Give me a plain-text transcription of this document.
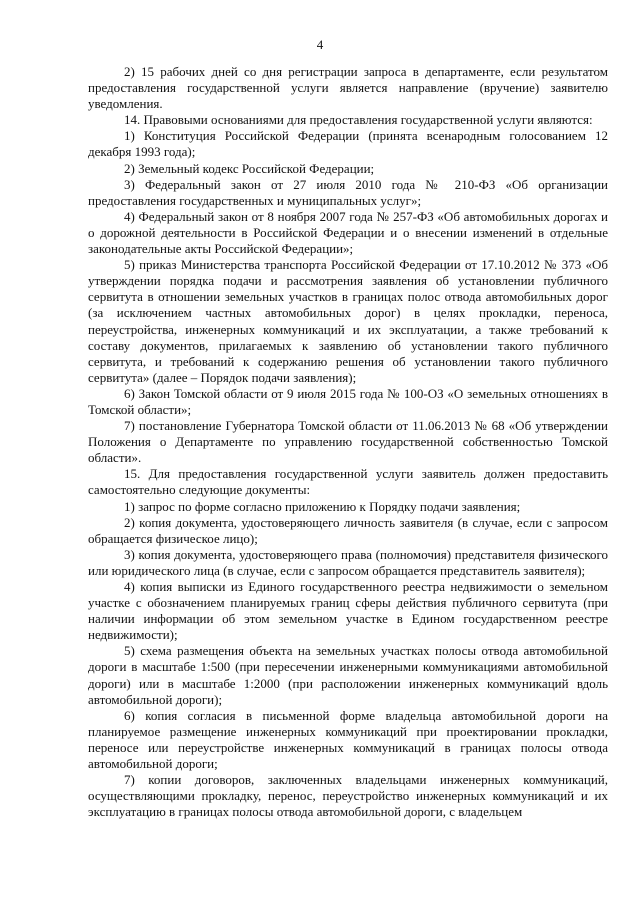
4

2) 15 рабочих дней со дня регистрации запроса в департаменте, если результатом предоставления государственной услуги является направление (вручение) заявителю уведомления.

14. Правовыми основаниями для предоставления государственной услуги являются:

1) Конституция Российской Федерации (принята всенародным голосованием 12 декабря 1993 года);

2) Земельный кодекс Российской Федерации;

3) Федеральный закон от 27 июля 2010 года № 210-ФЗ «Об организации предоставления государственных и муниципальных услуг»;

4) Федеральный закон от 8 ноября 2007 года № 257-ФЗ «Об автомобильных дорогах и о дорожной деятельности в Российской Федерации и о внесении изменений в отдельные законодательные акты Российской Федерации»;

5) приказ Министерства транспорта Российской Федерации от 17.10.2012 № 373 «Об утверждении порядка подачи и рассмотрения заявления об установлении публичного сервитута в отношении земельных участков в границах полос отвода автомобильных дорог (за исключением частных автомобильных дорог) в целях прокладки, переноса, переустройства, инженерных коммуникаций и их эксплуатации, а также требований к составу документов, прилагаемых к заявлению об установлении такого публичного сервитута, и требований к содержанию решения об установлении такого публичного сервитута» (далее – Порядок подачи заявления);

6) Закон Томской области от 9 июля 2015 года № 100-ОЗ «О земельных отношениях в Томской области»;

7) постановление Губернатора Томской области от 11.06.2013 № 68 «Об утверждении Положения о Департаменте по управлению государственной собственностью Томской области».

15. Для предоставления государственной услуги заявитель должен предоставить самостоятельно следующие документы:

1) запрос по форме согласно приложению к Порядку подачи заявления;

2) копия документа, удостоверяющего личность заявителя (в случае, если с запросом обращается физическое лицо);

3) копия документа, удостоверяющего права (полномочия) представителя физического или юридического лица (в случае, если с запросом обращается представитель заявителя);

4) копия выписки из Единого государственного реестра недвижимости о земельном участке с обозначением планируемых границ сферы действия публичного сервитута (при наличии информации об этом земельном участке в Едином государственном реестре недвижимости);

5) схема размещения объекта на земельных участках полосы отвода автомобильной дороги в масштабе 1:500 (при пересечении инженерными коммуникациями автомобильной дороги) или в масштабе 1:2000 (при расположении инженерных коммуникаций вдоль автомобильной дороги);

6) копия согласия в письменной форме владельца автомобильной дороги на планируемое размещение инженерных коммуникаций при проектировании прокладки, переносе или переустройстве инженерных коммуникаций в границах полосы отвода автомобильной дороги;

7) копии договоров, заключенных владельцами инженерных коммуникаций, осуществляющими прокладку, перенос, переустройство инженерных коммуникаций и их эксплуатацию в границах полосы отвода автомобильной дороги, с владельцем
